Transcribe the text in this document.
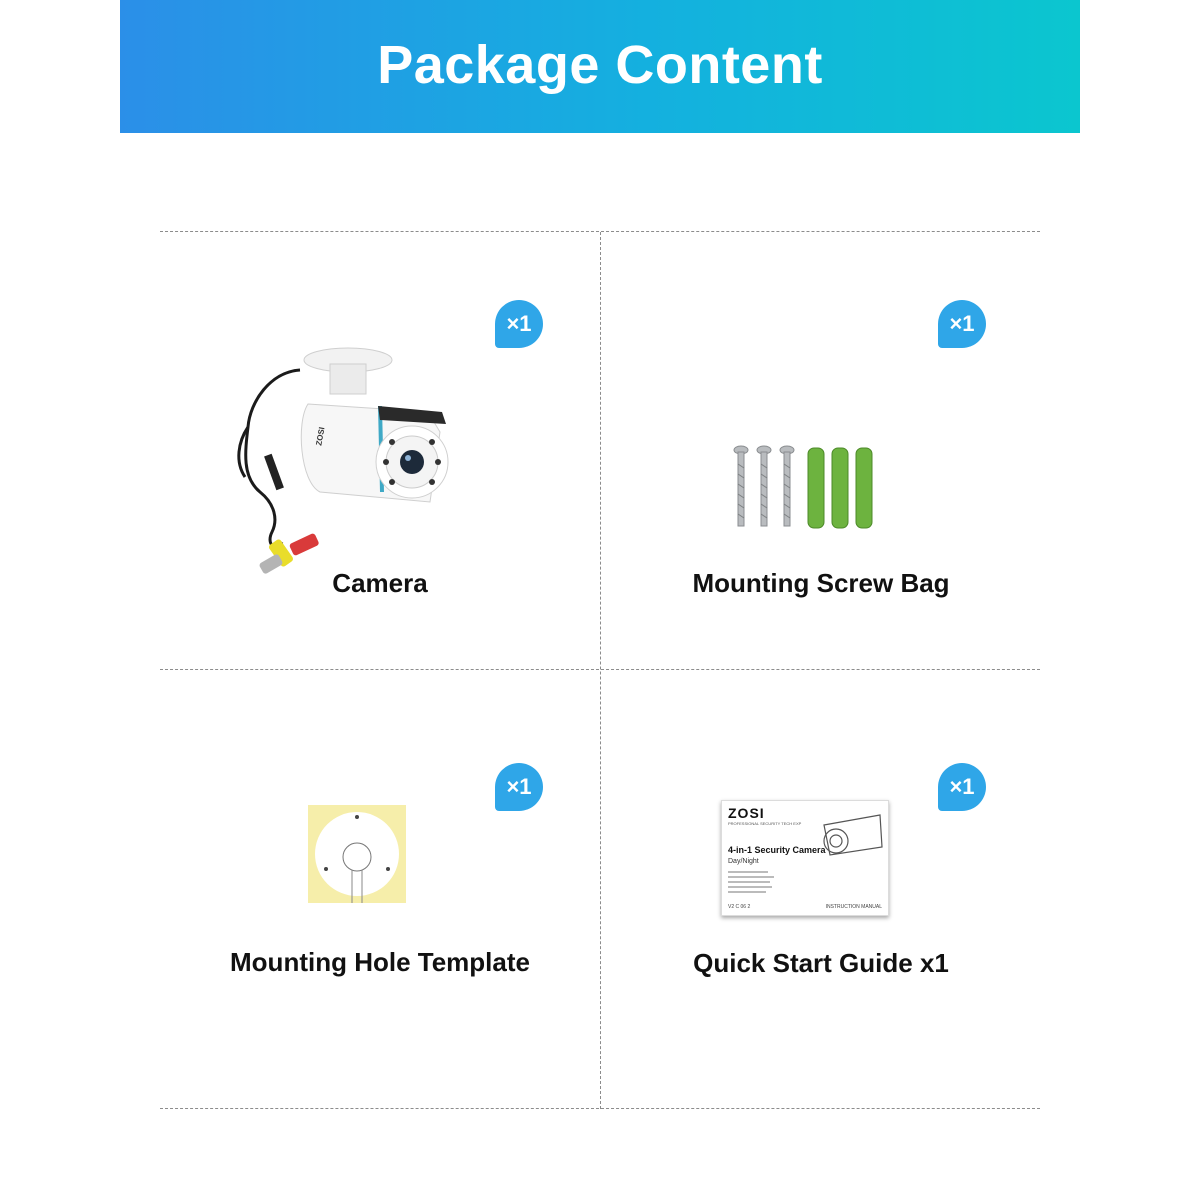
Package Content
×1
ZOSI
Camera
×1
Mounting Screw Bag
×1
Mounting Hole Template
×1
ZOSI
PROFESSIONAL SECURITY TECH EXP
4-in-1 Security Camera
Day/Night
V2 C 06 2	INSTRUCTION MANUAL
Quick Start Guide x1
